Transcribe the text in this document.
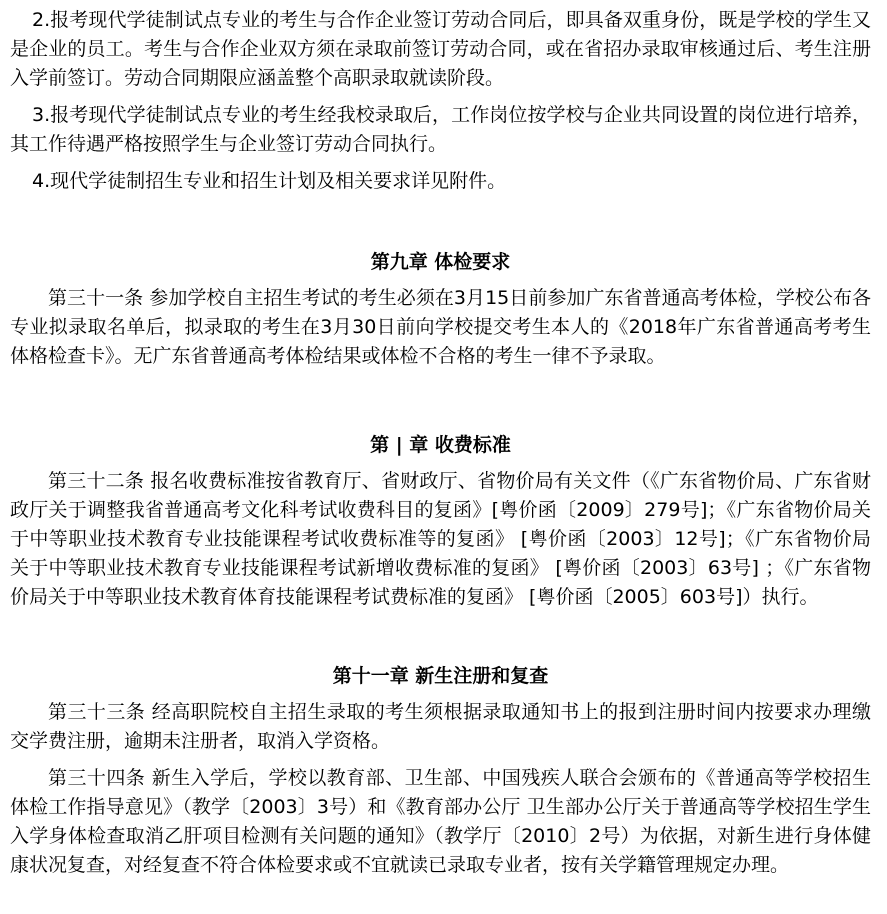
2.报考现代学徒制试点专业的考生与合作企业签订劳动合同后，即具备双重身份，既是学校的学生又是企业的员工。考生与合作企业双方须在录取前签订劳动合同，或在省招办录取审核通过后、考生注册入学前签订。劳动合同期限应涵盖整个高职录取就读阶段。

3.报考现代学徒制试点专业的考生经我校录取后，工作岗位按学校与企业共同设置的岗位进行培养，其工作待遇严格按照学生与企业签订劳动合同执行。

4.现代学徒制招生专业和招生计划及相关要求详见附件。

第九章 体检要求

第三十一条 参加学校自主招生考试的考生必须在3月15日前参加广东省普通高考体检，学校公布各专业拟录取名单后，拟录取的考生在3月30日前向学校提交考生本人的《2018年广东省普通高考考生体格检查卡》。无广东省普通高考体检结果或体检不合格的考生一律不予录取。

第 | 章 收费标准

第三十二条 报名收费标准按省教育厅、省财政厅、省物价局有关文件（《广东省物价局、广东省财政厅关于调整我省普通高考文化科考试收费科目的复函》[粤价函〔2009〕279号]；《广东省物价局关于中等职业技术教育专业技能课程考试收费标准等的复函》 [粤价函〔2003〕12号]；《广东省物价局关于中等职业技术教育专业技能课程考试新增收费标准的复函》 [粤价函〔2003〕63号] ；《广东省物价局关于中等职业技术教育体育技能课程考试费标准的复函》 [粤价函〔2005〕603号]）执行。

第十一章 新生注册和复查

第三十三条 经高职院校自主招生录取的考生须根据录取通知书上的报到注册时间内按要求办理缴交学费注册，逾期未注册者，取消入学资格。

第三十四条 新生入学后，学校以教育部、卫生部、中国残疾人联合会颁布的《普通高等学校招生体检工作指导意见》（教学〔2003〕3号）和《教育部办公厅 卫生部办公厅关于普通高等学校招生学生入学身体检查取消乙肝项目检测有关问题的通知》（教学厅〔2010〕2号）为依据，对新生进行身体健康状况复查，对经复查不符合体检要求或不宜就读已录取专业者，按有关学籍管理规定办理。
